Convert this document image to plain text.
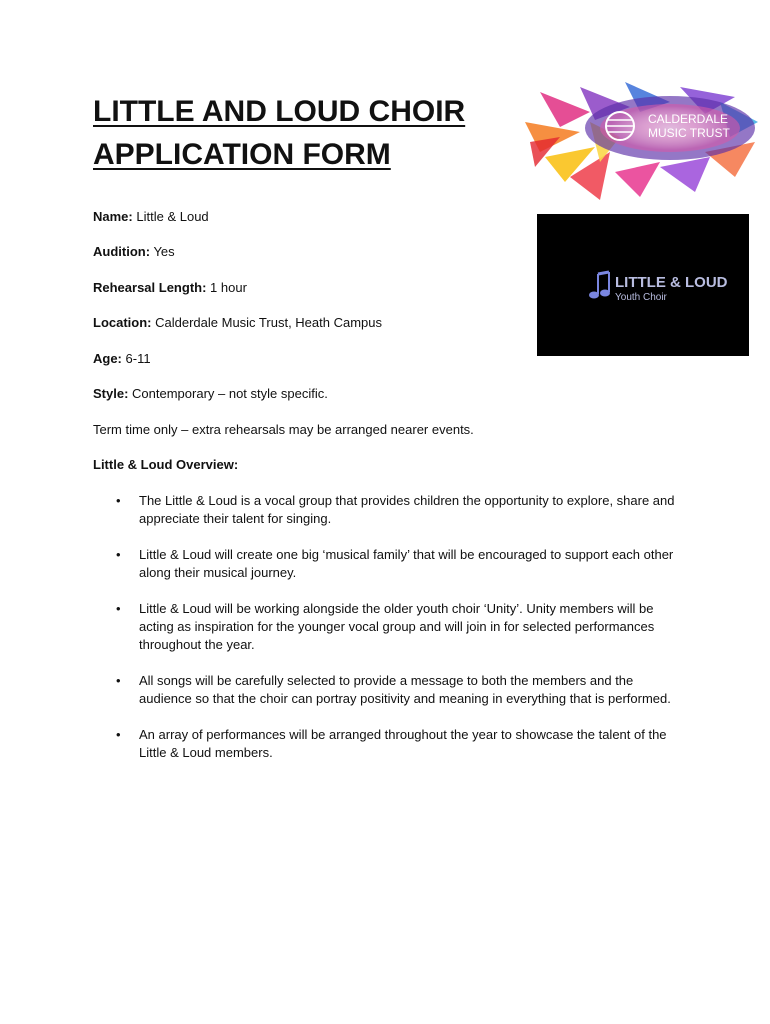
LITTLE AND LOUD CHOIR
APPLICATION FORM
CALDERDALE
MUSIC TRUST
LITTLE & LOUD
Youth Choir
Name: Little & Loud
Audition: Yes
Rehearsal Length: 1 hour
Location: Calderdale Music Trust, Heath Campus
Age: 6-11
Style: Contemporary – not style specific.
Term time only – extra rehearsals may be arranged nearer events.
Little & Loud Overview:
• The Little & Loud is a vocal group that provides children the opportunity to explore, share and appreciate their talent for singing.
• Little & Loud will create one big ‘musical family’ that will be encouraged to support each other along their musical journey.
• Little & Loud will be working alongside the older youth choir ‘Unity’. Unity members will be acting as inspiration for the younger vocal group and will join in for selected performances throughout the year.
• All songs will be carefully selected to provide a message to both the members and the audience so that the choir can portray positivity and meaning in everything that is performed.
• An array of performances will be arranged throughout the year to showcase the talent of the Little & Loud members.
